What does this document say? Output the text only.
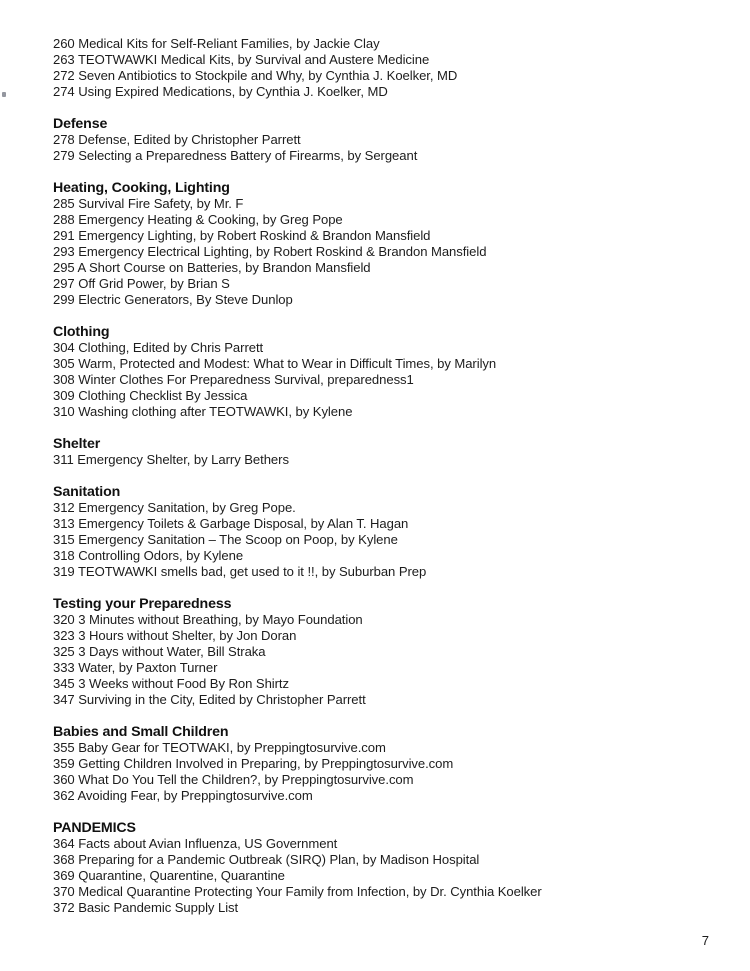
260 Medical Kits for Self-Reliant Families, by Jackie Clay
263 TEOTWAWKI Medical Kits, by Survival and Austere Medicine
272 Seven Antibiotics to Stockpile and Why, by Cynthia J. Koelker, MD
274 Using Expired Medications, by Cynthia J. Koelker, MD
Defense
278 Defense, Edited by Christopher Parrett
279 Selecting a Preparedness Battery of Firearms, by Sergeant
Heating, Cooking, Lighting
285 Survival Fire Safety, by Mr. F
288 Emergency Heating & Cooking, by Greg Pope
291 Emergency Lighting, by Robert Roskind & Brandon Mansfield
293 Emergency Electrical Lighting, by Robert Roskind & Brandon Mansfield
295 A Short Course on Batteries, by Brandon Mansfield
297 Off Grid Power, by Brian S
299 Electric Generators, By Steve Dunlop
Clothing
304 Clothing, Edited by Chris Parrett
305 Warm, Protected and Modest: What to Wear in Difficult Times, by Marilyn
308 Winter Clothes For Preparedness Survival, preparedness1
309 Clothing Checklist By Jessica
310 Washing clothing after TEOTWAWKI, by Kylene
Shelter
311 Emergency Shelter, by Larry Bethers
Sanitation
312 Emergency Sanitation, by Greg Pope.
313 Emergency Toilets & Garbage Disposal, by Alan T. Hagan
315 Emergency Sanitation – The Scoop on Poop, by Kylene
318 Controlling Odors, by Kylene
319 TEOTWAWKI smells bad, get used to it !!, by Suburban Prep
Testing your Preparedness
320 3 Minutes without Breathing, by Mayo Foundation
323 3 Hours without Shelter, by Jon Doran
325 3 Days without Water, Bill Straka
333 Water, by Paxton Turner
345 3 Weeks without Food By Ron Shirtz
347 Surviving in the City, Edited by Christopher Parrett
Babies and Small Children
355 Baby Gear for TEOTWAKI, by Preppingtosurvive.com
359 Getting Children Involved in Preparing, by Preppingtosurvive.com
360 What Do You Tell the Children?, by Preppingtosurvive.com
362 Avoiding Fear, by Preppingtosurvive.com
PANDEMICS
364 Facts about Avian Influenza, US Government
368 Preparing for a Pandemic Outbreak (SIRQ) Plan, by Madison Hospital
369 Quarantine, Quarentine, Quarantine
370 Medical Quarantine Protecting Your Family from Infection, by Dr. Cynthia Koelker
372 Basic Pandemic Supply List
7
